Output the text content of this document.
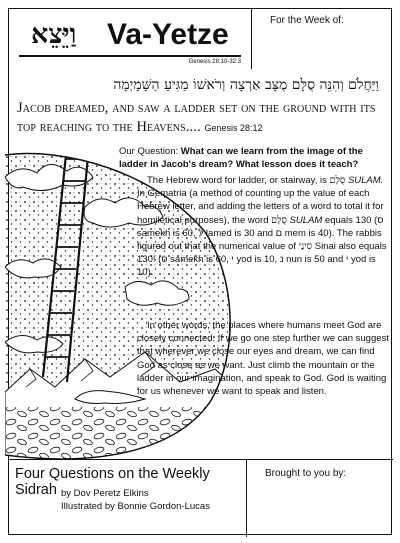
וַיֵּצֵא Va-Yetze
Genesis 28:10-32:3
For the Week of:
וַיַּחֲלֹם וְהִנֵּה סֻלָּם מֻצָּב אַרְצָה וְרֹאשׁוֹ מַגִּיעַ הַשָּׁמָיְמָה
Jacob dreamed, and saw a ladder set on the ground with its top reaching to the Heavens.... Genesis 28:12
Our Question: What can we learn from the image of the ladder in Jacob's dream? What lesson does it teach?

The Hebrew word for ladder, or stairway, is סֻלָּם SULAM. In Gematria (a method of counting up the value of each Hebrew letter, and adding the letters of a word to total it for homiletical purposes), the word סֻלָּם SULAM equals 130 (ס samekh is 60, ל lamed is 30 and ם mem is 40). The rabbis figured out that the numerical value of סִינַי Sinai also equals 130! (ס samekh is 60, י yod is 10, נ nun is 50 and י yod is 10).

In other words, the places where humans meet God are closely connected. If we go one step further we can suggest that wherever we close our eyes and dream, we can find God as close as we want. Just climb the mountain or the ladder in our imagination, and speak to God. God is waiting for us whenever we want to speak and listen.

Four Questions on the Weekly Sidrah by Dov Peretz Elkins
Illustrated by Bonnie Gordon-Lucas
Brought to you by:
